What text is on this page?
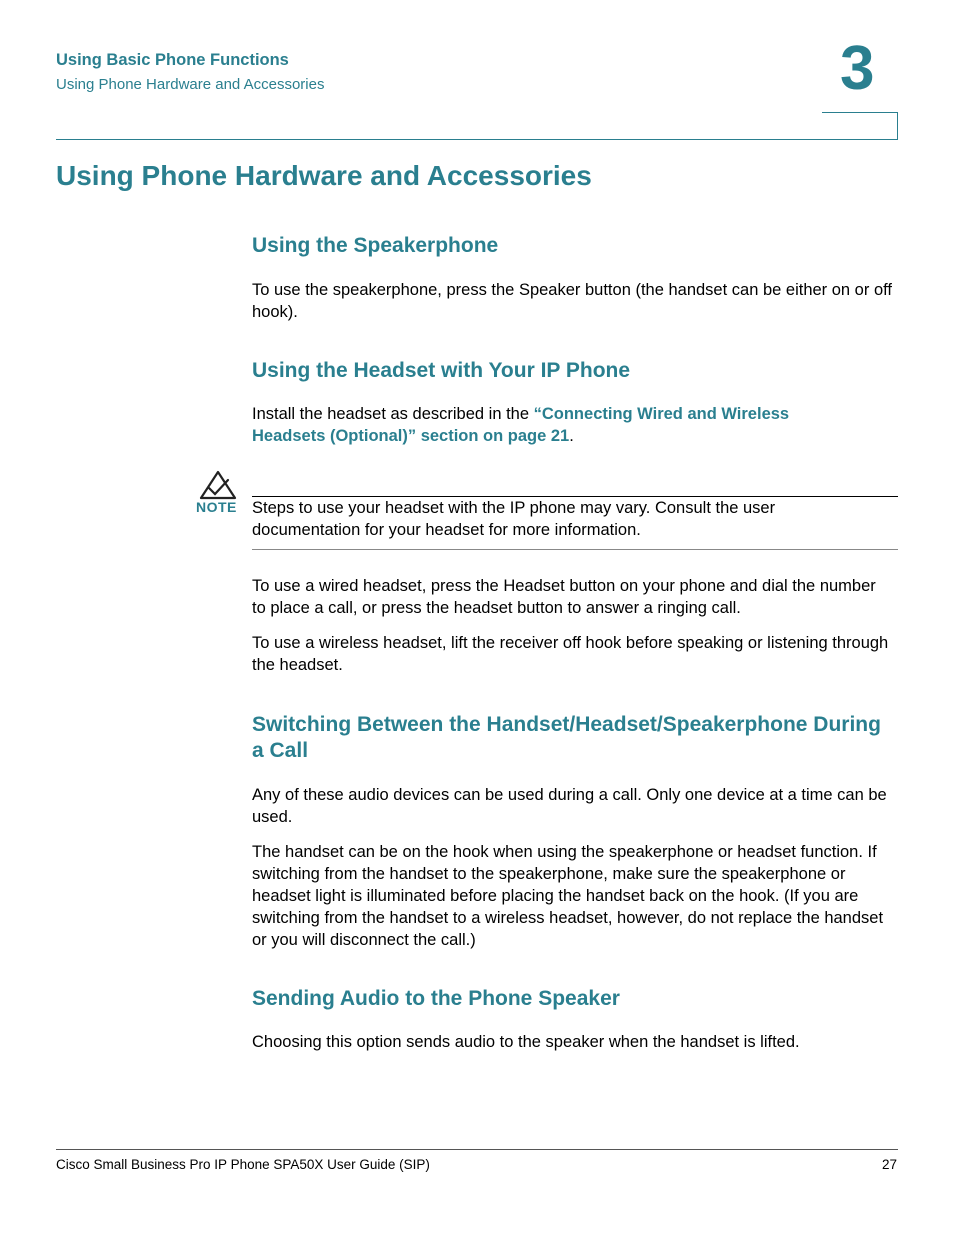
Using Basic Phone Functions
Using Phone Hardware and Accessories	3
Using Phone Hardware and Accessories
Using the Speakerphone
To use the speakerphone, press the Speaker button (the handset can be either on or off hook).
Using the Headset with Your IP Phone
Install the headset as described in the “Connecting Wired and Wireless Headsets (Optional)” section on page 21.
NOTE Steps to use your headset with the IP phone may vary. Consult the user documentation for your headset for more information.
To use a wired headset, press the Headset button on your phone and dial the number to place a call, or press the headset button to answer a ringing call.
To use a wireless headset, lift the receiver off hook before speaking or listening through the headset.
Switching Between the Handset/Headset/Speakerphone During a Call
Any of these audio devices can be used during a call. Only one device at a time can be used.
The handset can be on the hook when using the speakerphone or headset function. If switching from the handset to the speakerphone, make sure the speakerphone or headset light is illuminated before placing the handset back on the hook. (If you are switching from the handset to a wireless headset, however, do not replace the handset or you will disconnect the call.)
Sending Audio to the Phone Speaker
Choosing this option sends audio to the speaker when the handset is lifted.
Cisco Small Business Pro IP Phone SPA50X User Guide (SIP)	27
